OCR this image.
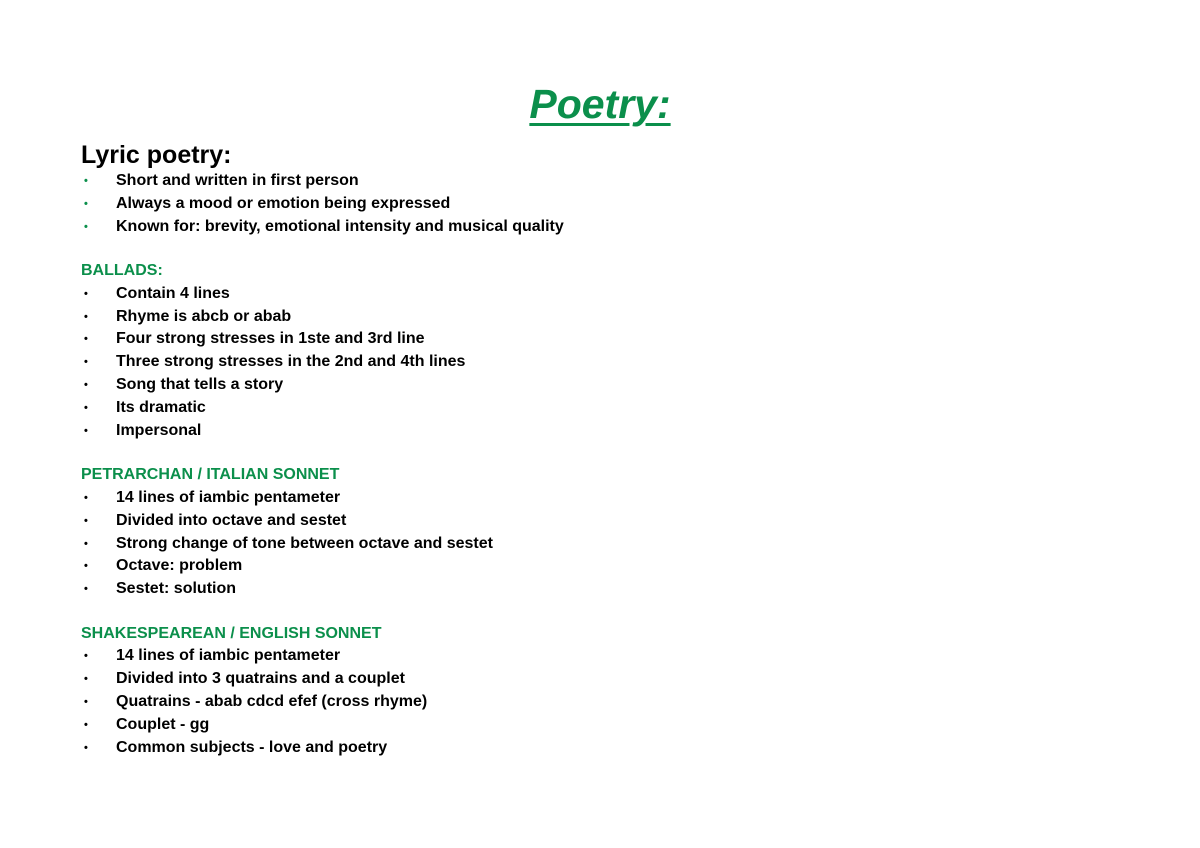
Poetry:
Lyric poetry:
• Short and written in first person
• Always a mood or emotion being expressed
• Known for: brevity, emotional intensity and musical quality
BALLADS:
• Contain 4 lines
• Rhyme is abcb or abab
• Four strong stresses in 1ste and 3rd line
• Three strong stresses in the 2nd and 4th lines
• Song that tells a story
• Its dramatic
• Impersonal
PETRARCHAN / ITALIAN SONNET
• 14 lines of iambic pentameter
• Divided into octave and sestet
• Strong change of tone between octave and sestet
• Octave: problem
• Sestet: solution
SHAKESPEAREAN / ENGLISH SONNET
• 14 lines of iambic pentameter
• Divided into 3 quatrains and a couplet
• Quatrains - abab cdcd efef (cross rhyme)
• Couplet - gg
• Common subjects - love and poetry
